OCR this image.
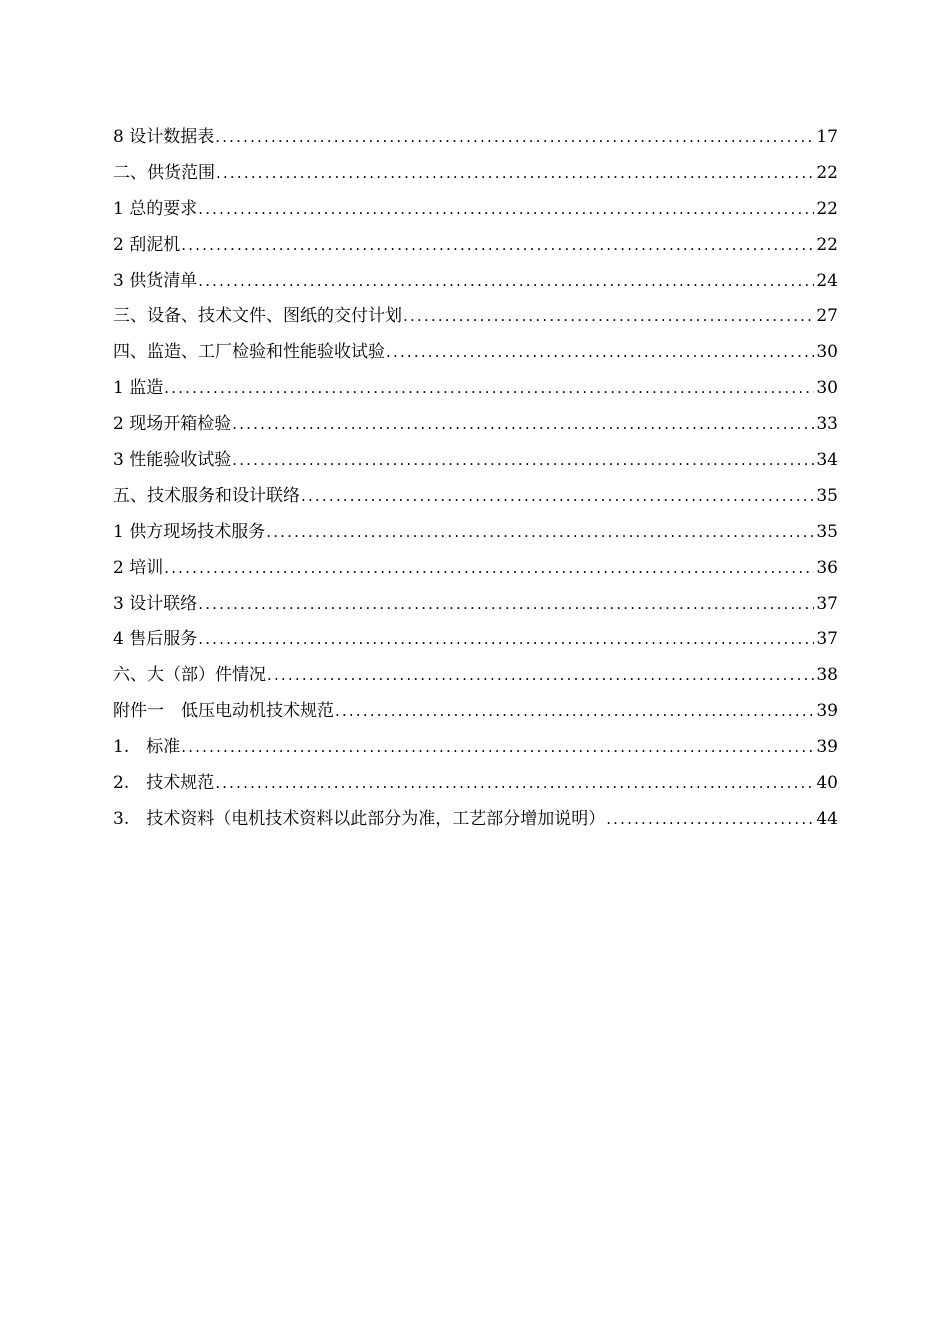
8 设计数据表 .....	17
二、供货范围 .....	22
1 总的要求 .....	22
2 刮泥机 .....	22
3 供货清单 .....	24
三、设备、技术文件、图纸的交付计划 .....	27
四、监造、工厂检验和性能验收试验 .....	30
1 监造 .....	30
2 现场开箱检验 .....	33
3 性能验收试验 .....	34
五、技术服务和设计联络 .....	35
1 供方现场技术服务 .....	35
2 培训 .....	36
3 设计联络 .....	37
4 售后服务 .....	37
六、大（部）件情况 .....	38
附件一　低压电动机技术规范 .....	39
1.　标准 .....	39
2.　技术规范 .....	40
3.　技术资料（电机技术资料以此部分为准，工艺部分增加说明） .....	44
